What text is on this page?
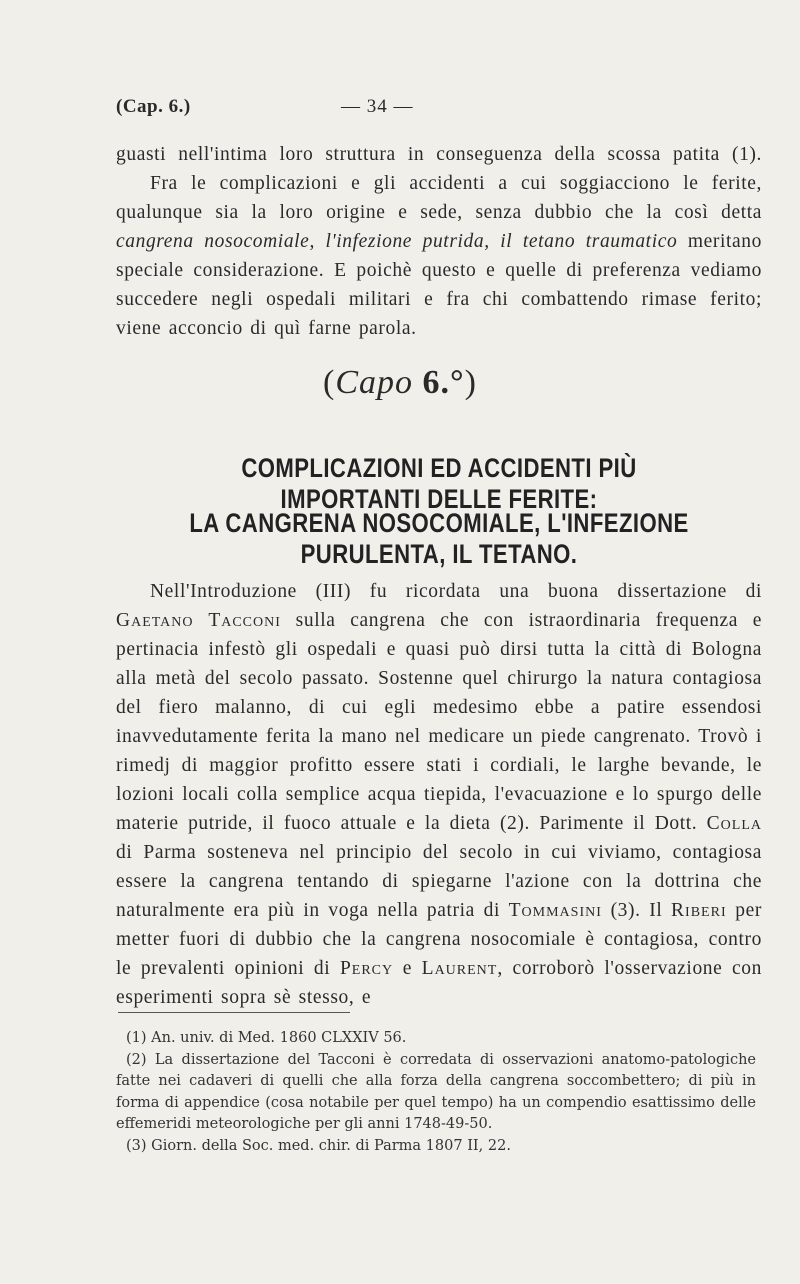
(Cap. 6.)	— 34 —

guasti nell'intima loro struttura in conseguenza della scossa patita (1). Fra le complicazioni e gli accidenti a cui soggiacciono le ferite, qualunque sia la loro origine e sede, senza dubbio che la così detta cangrena nosocomiale, l'infezione putrida, il tetano traumatico meritano speciale considerazione. E poichè questo e quelle di preferenza vediamo succedere negli ospedali militari e fra chi combattendo rimase ferito; viene acconcio di quì farne parola.

(Capo 6.°)
COMPLICAZIONI ED ACCIDENTI PIÙ IMPORTANTI DELLE FERITE:
LA CANGRENA NOSOCOMIALE, L'INFEZIONE PURULENTA, IL TETANO.

Nell'Introduzione (III) fu ricordata una buona dissertazione di Gaetano Tacconi sulla cangrena che con istraordinaria frequenza e pertinacia infestò gli ospedali e quasi può dirsi tutta la città di Bologna alla metà del secolo passato. Sostenne quel chirurgo la natura contagiosa del fiero malanno, di cui egli medesimo ebbe a patire essendosi inavvedutamente ferita la mano nel medicare un piede cangrenato. Trovò i rimedj di maggior profitto essere stati i cordiali, le larghe bevande, le lozioni locali colla semplice acqua tiepida, l'evacuazione e lo spurgo delle materie putride, il fuoco attuale e la dieta (2). Parimente il Dott. Colla di Parma sosteneva nel principio del secolo in cui viviamo, contagiosa essere la cangrena tentando di spiegarne l'azione con la dottrina che naturalmente era più in voga nella patria di Tommasini (3). Il Riberi per metter fuori di dubbio che la cangrena nosocomiale è contagiosa, contro le prevalenti opinioni di Percy e Laurent, corroborò l'osservazione con esperimenti sopra sè stesso, e

(1) An. univ. di Med. 1860 CLXXIV 56.

(2) La dissertazione del Tacconi è corredata di osservazioni anatomo-patologiche fatte nei cadaveri di quelli che alla forza della cangrena soccombettero; di più in forma di appendice (cosa notabile per quel tempo) ha un compendio esattissimo delle effemeridi meteorologiche per gli anni 1748-49-50.

(3) Giorn. della Soc. med. chir. di Parma 1807 II, 22.
